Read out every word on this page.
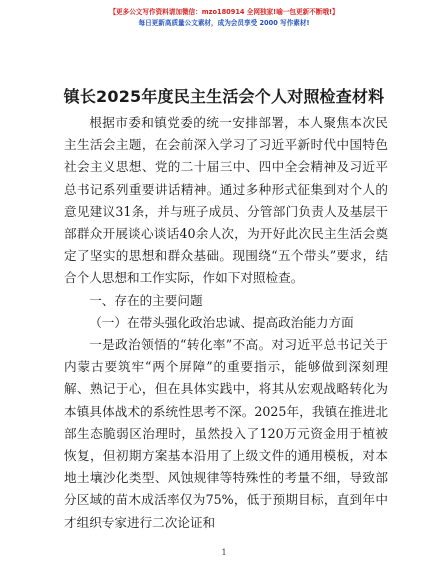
【更多公文写作资料请加微信：mzo180914 全网独家!喻一包更新不断哦!】
每日更新高质量公文素材，成为会员享受 2000 写作素材!
镇长2025年度民主生活会个人对照检查材料

根据市委和镇党委的统一安排部署，本人聚焦本次民主生活会主题，在会前深入学习了习近平新时代中国特色社会主义思想、党的二十届三中、四中全会精神及习近平总书记系列重要讲话精神。通过多种形式征集到对个人的意见建议31条，并与班子成员、分管部门负责人及基层干部群众开展谈心谈话40余人次，为开好此次民主生活会奠定了坚实的思想和群众基础。现围绕“五个带头”要求，结合个人思想和工作实际，作如下对照检查。

一、存在的主要问题

（一）在带头强化政治忠诚、提高政治能力方面

一是政治领悟的“转化率”不高。对习近平总书记关于内蒙古要筑牢“两个屏障”的重要指示，能够做到深刻理解、熟记于心，但在具体实践中，将其从宏观战略转化为本镇具体战术的系统性思考不深。2025年，我镇在推进北部生态脆弱区治理时，虽然投入了120万元资金用于植被恢复，但初期方案基本沿用了上级文件的通用模板，对本地土壤沙化类型、风蚀规律等特殊性的考量不细，导致部分区域的苗木成活率仅为75%，低于预期目标，直到年中才组织专家进行二次论证和

1
